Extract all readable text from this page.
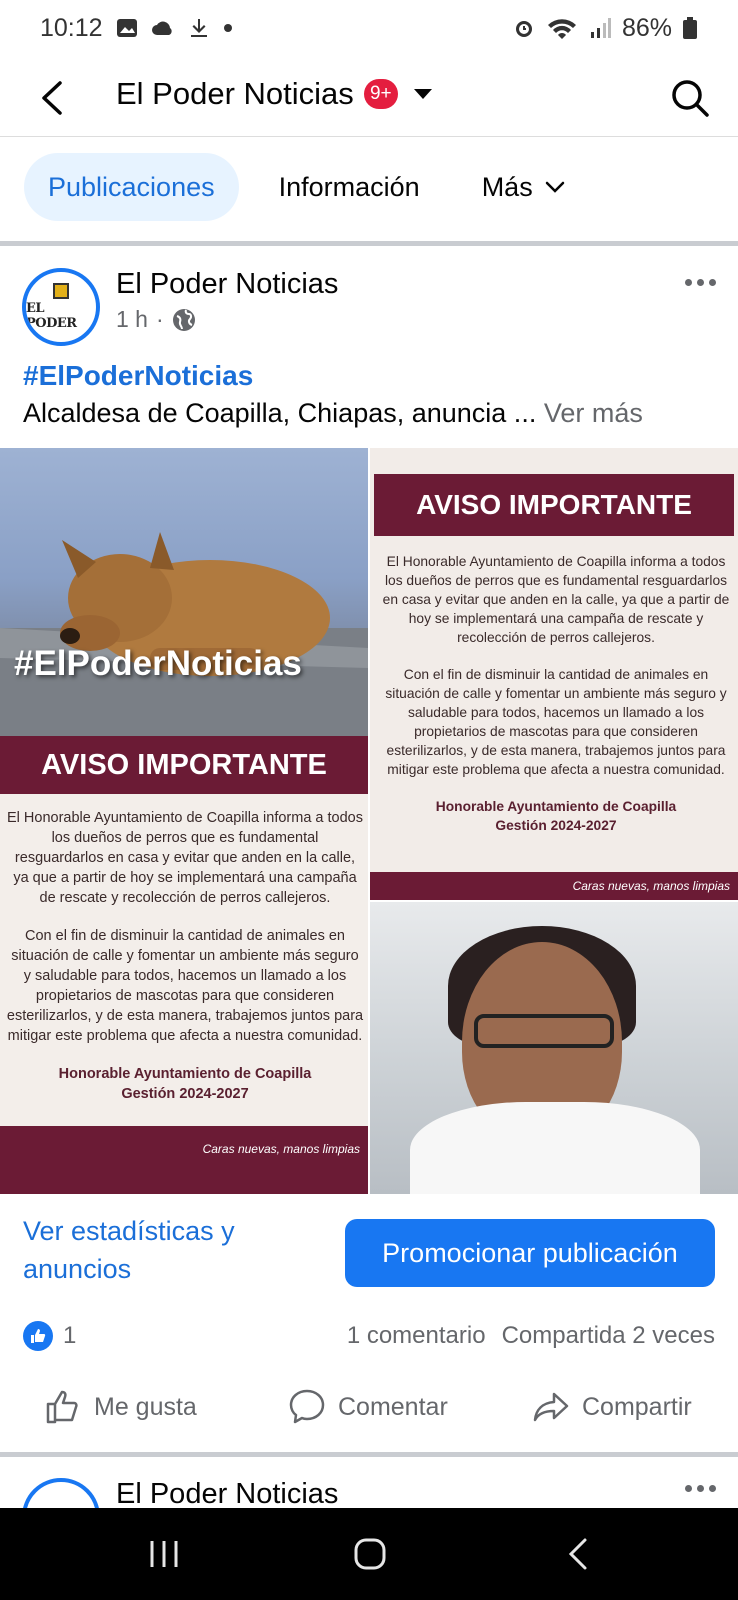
10:12	86%
El Poder Noticias 9+
Publicaciones	Información Más
EL PODER
El Poder Noticias
1 h ·
#ElPoderNoticias
Alcaldesa de Coapilla, Chiapas, anuncia ... Ver más
#ElPoderNoticias
AVISO IMPORTANTE

El Honorable Ayuntamiento de Coapilla informa a todos los dueños de perros que es fundamental resguardarlos en casa y evitar que anden en la calle, ya que a partir de hoy se implementará una campaña de rescate y recolección de perros callejeros.

Con el fin de disminuir la cantidad de animales en situación de calle y fomentar un ambiente más seguro y saludable para todos, hacemos un llamado a los propietarios de mascotas para que consideren esterilizarlos, y de esta manera, trabajemos juntos para mitigar este problema que afecta a nuestra comunidad.

Honorable Ayuntamiento de Coapilla
Gestión 2024-2027
Caras nuevas, manos limpias
AVISO IMPORTANTE

El Honorable Ayuntamiento de Coapilla informa a todos los dueños de perros que es fundamental resguardarlos en casa y evitar que anden en la calle, ya que a partir de hoy se implementará una campaña de rescate y recolección de perros callejeros.

Con el fin de disminuir la cantidad de animales en situación de calle y fomentar un ambiente más seguro y saludable para todos, hacemos un llamado a los propietarios de mascotas para que consideren esterilizarlos, y de esta manera, trabajemos juntos para mitigar este problema que afecta a nuestra comunidad.

Honorable Ayuntamiento de Coapilla
Gestión 2024-2027
Caras nuevas, manos limpias
Ver estadísticas y anuncios
Promocionar publicación
1	1 comentario Compartida 2 veces
Me gusta	Comentar	Compartir
El Poder Noticias
